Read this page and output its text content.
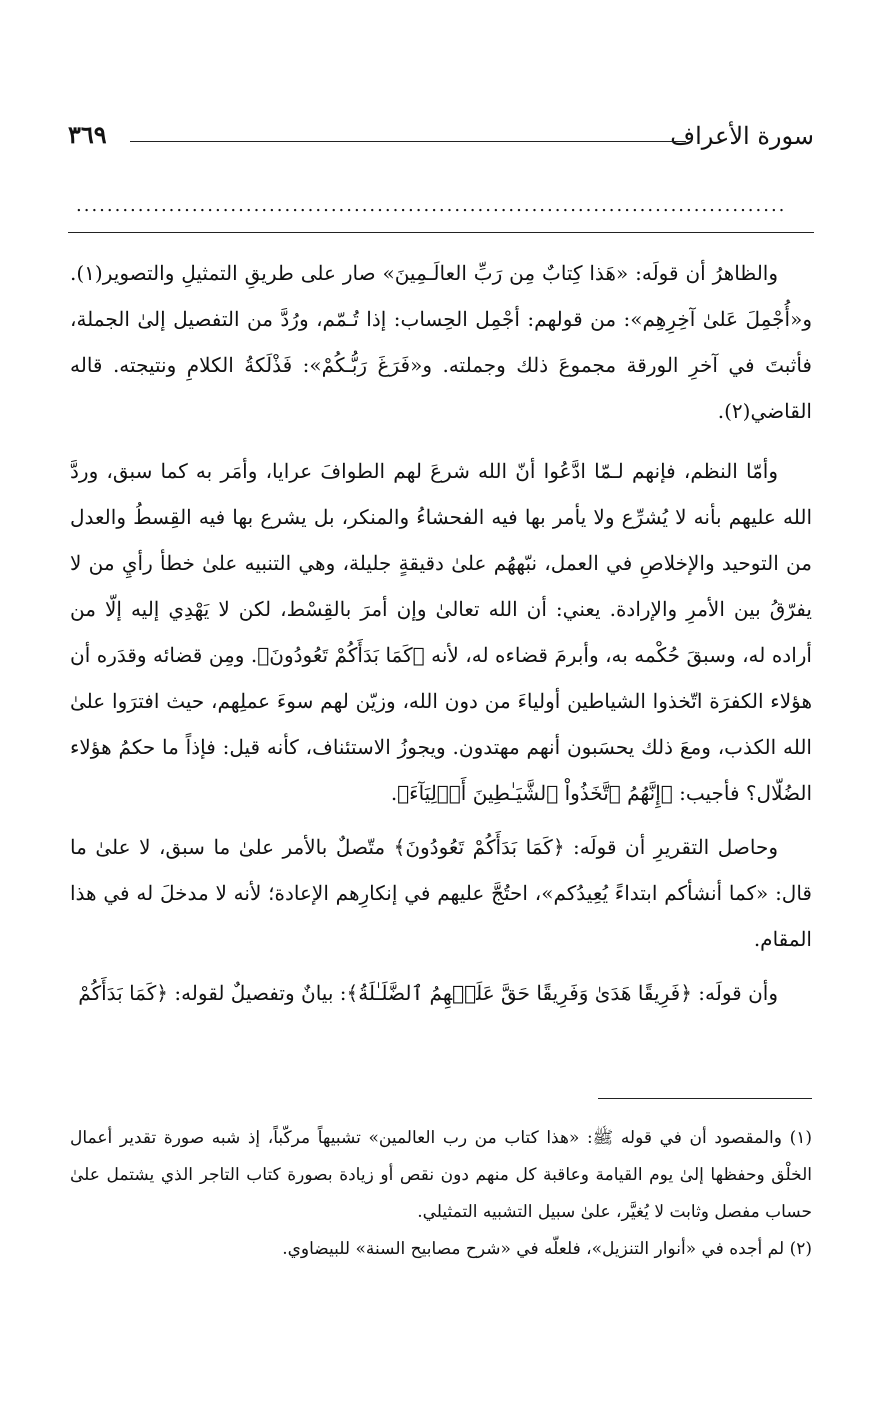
سورة الأعراف
٣٦٩
............................................................................................

والظاهرُ أن قولَه: «هَذا كِتابٌ مِن رَبِّ العالَـمِينَ» صار على طريقِ التمثيلِ والتصوير(١). و«أُجْمِلَ عَلىٰ آخِرِهِم»: من قولهم: أجْمِل الحِساب: إذا تُـمّم، ورُدَّ من التفصيل إلىٰ الجملة، فأثبتَ في آخرِ الورقة مجموعَ ذلك وجملته. و«فَرَغَ رَبُّـكُمْ»: فَذْلَكةُ الكلامِ ونتيجته. قاله القاضي(٢).

وأمّا النظم، فإنهم لـمّا ادَّعُوا أنّ الله شرعَ لهم الطوافَ عرايا، وأمَر به كما سبق، وردَّ الله عليهم بأنه لا يُشرِّع ولا يأمر بها فيه الفحشاءُ والمنكر، بل يشرع بها فيه القِسطُ والعدل من التوحيد والإخلاصِ في العمل، نبّههُم علىٰ دقيقةٍ جليلة، وهي التنبيه علىٰ خطأ رأيِ من لا يفرّقُ بين الأمرِ والإرادة. يعني: أن الله تعالىٰ وإن أمرَ بالقِسْط، لكن لا يَهْدِي إليه إلّا من أراده له، وسبقَ حُكْمه به، وأبرمَ قضاءه له، لأنه ﴿كَمَا بَدَأَكُمْ تَعُودُونَ﴾. ومِن قضائه وقدَره أن هؤلاء الكفرَة اتّخذوا الشياطين أولياءَ من دون الله، وزيّن لهم سوءَ عملِهم، حيث افترَوا علىٰ الله الكذب، ومعَ ذلك يحسَبون أنهم مهتدون. ويجوزُ الاستئناف، كأنه قيل: فإذاً ما حكمُ هؤلاء الضُلّال؟ فأجيب: ﴿إِنَّهُمُ ٱتَّخَذُواْ ٱلشَّيَـٰطِينَ أَوۡلِيَآءَ﴾.

وحاصل التقريرِ أن قولَه: ﴿كَمَا بَدَأَكُمْ تَعُودُونَ﴾ متّصلٌ بالأمر علىٰ ما سبق، لا علىٰ ما قال: «كما أنشأكم ابتداءً يُعِيدُكم»، احتُجَّ عليهم في إنكارِهم الإعادة؛ لأنه لا مدخلَ له في هذا المقام.

وأن قولَه: ﴿فَرِيقًا هَدَىٰ وَفَرِيقًا حَقَّ عَلَيۡهِمُ ٱلضَّلَـٰلَةُ﴾: بيانٌ وتفصيلٌ لقوله: ﴿كَمَا بَدَأَكُمْ

(١) والمقصود أن في قوله ﷺ: «هذا كتاب من رب العالمين» تشبيهاً مركّباً، إذ شبه صورة تقدير أعمال الخلْق وحفظها إلىٰ يوم القيامة وعاقبة كل منهم دون نقص أو زيادة بصورة كتاب التاجر الذي يشتمل علىٰ حساب مفصل وثابت لا يُغيَّر، علىٰ سبيل التشبيه التمثيلي.

(٢) لم أجده في «أنوار التنزيل»، فلعلّه في «شرح مصابيح السنة» للبيضاوي.
